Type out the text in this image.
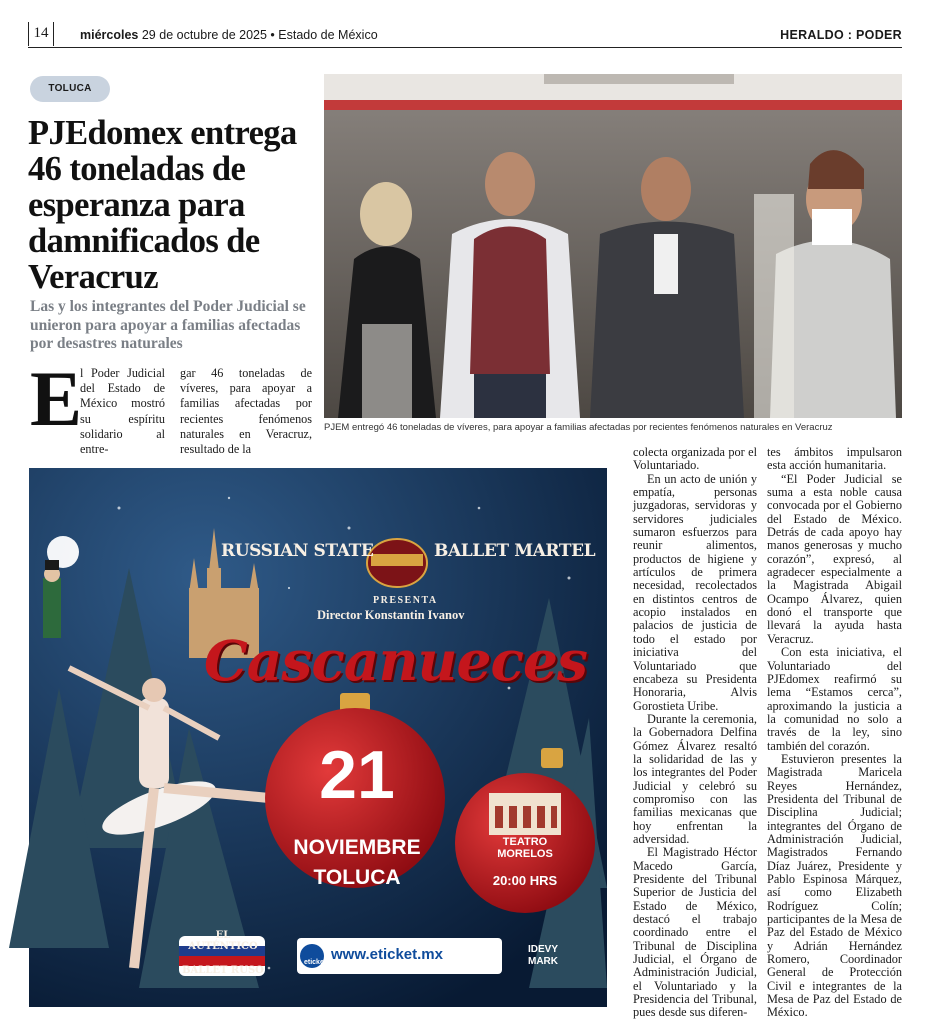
14	miércoles 29 de octubre de 2025 • Estado de México	HERALDO : PODER
TOLUCA
PJEdomex entrega 46 toneladas de esperanza para damnificados de Veracruz
Las y los integrantes del Poder Judicial se unieron para apoyar a familias afectadas por desastres naturales
E

l Poder Judicial del Estado de México mostró su espíritu solidario al entre-

gar 46 toneladas de víveres, para apoyar a familias afectadas por recientes fenómenos naturales en Veracruz, resultado de la

PJEM entregó 46 toneladas de víveres, para apoyar a familias afectadas por recientes fenómenos naturales en Veracruz
RUSSIAN STATE	BALLET MARTEL
PRESENTA
Director Konstantin Ivanov
Cascanueces
21
NOVIEMBRE
TOLUCA
TEATRO MORELOS
20:00 HRS
EL AUTÉNTICO
BALLET RUSO
eticket www.eticket.mx	IDEVY MARK

colecta organizada por el Voluntariado.

En un acto de unión y empatía, personas juzgadoras, servidoras y servidores judiciales sumaron esfuerzos para reunir alimentos, productos de higiene y artículos de primera necesidad, recolectados en distintos centros de acopio instalados en palacios de justicia de todo el estado por iniciativa del Voluntariado que encabeza su Presidenta Honoraria, Alvis Gorostieta Uribe.

Durante la ceremonia, la Gobernadora Delfina Gómez Álvarez resaltó la solidaridad de las y los integrantes del Poder Judicial y celebró su compromiso con las familias mexicanas que hoy enfrentan la adversidad.

El Magistrado Héctor Macedo García, Presidente del Tribunal Superior de Justicia del Estado de México, destacó el trabajo coordinado entre el Tribunal de Disciplina Judicial, el Órgano de Administración Judicial, el Voluntariado y la Presidencia del Tribunal, pues desde sus diferen-

tes ámbitos impulsaron esta acción humanitaria.

“El Poder Judicial se suma a esta noble causa convocada por el Gobierno del Estado de México. Detrás de cada apoyo hay manos generosas y mucho corazón”, expresó, al agradecer especialmente a la Magistrada Abigail Ocampo Álvarez, quien donó el transporte que llevará la ayuda hasta Veracruz.

Con esta iniciativa, el Voluntariado del PJEdomex reafirmó su lema “Estamos cerca”, aproximando la justicia a la comunidad no solo a través de la ley, sino también del corazón.

Estuvieron presentes la Magistrada Maricela Reyes Hernández, Presidenta del Tribunal de Disciplina Judicial; integrantes del Órgano de Administración Judicial, Magistrados Fernando Díaz Juárez, Presidente y Pablo Espinosa Márquez, así como Elizabeth Rodríguez Colín; participantes de la Mesa de Paz del Estado de México y Adrián Hernández Romero, Coordinador General de Protección Civil e integrantes de la Mesa de Paz del Estado de México.
